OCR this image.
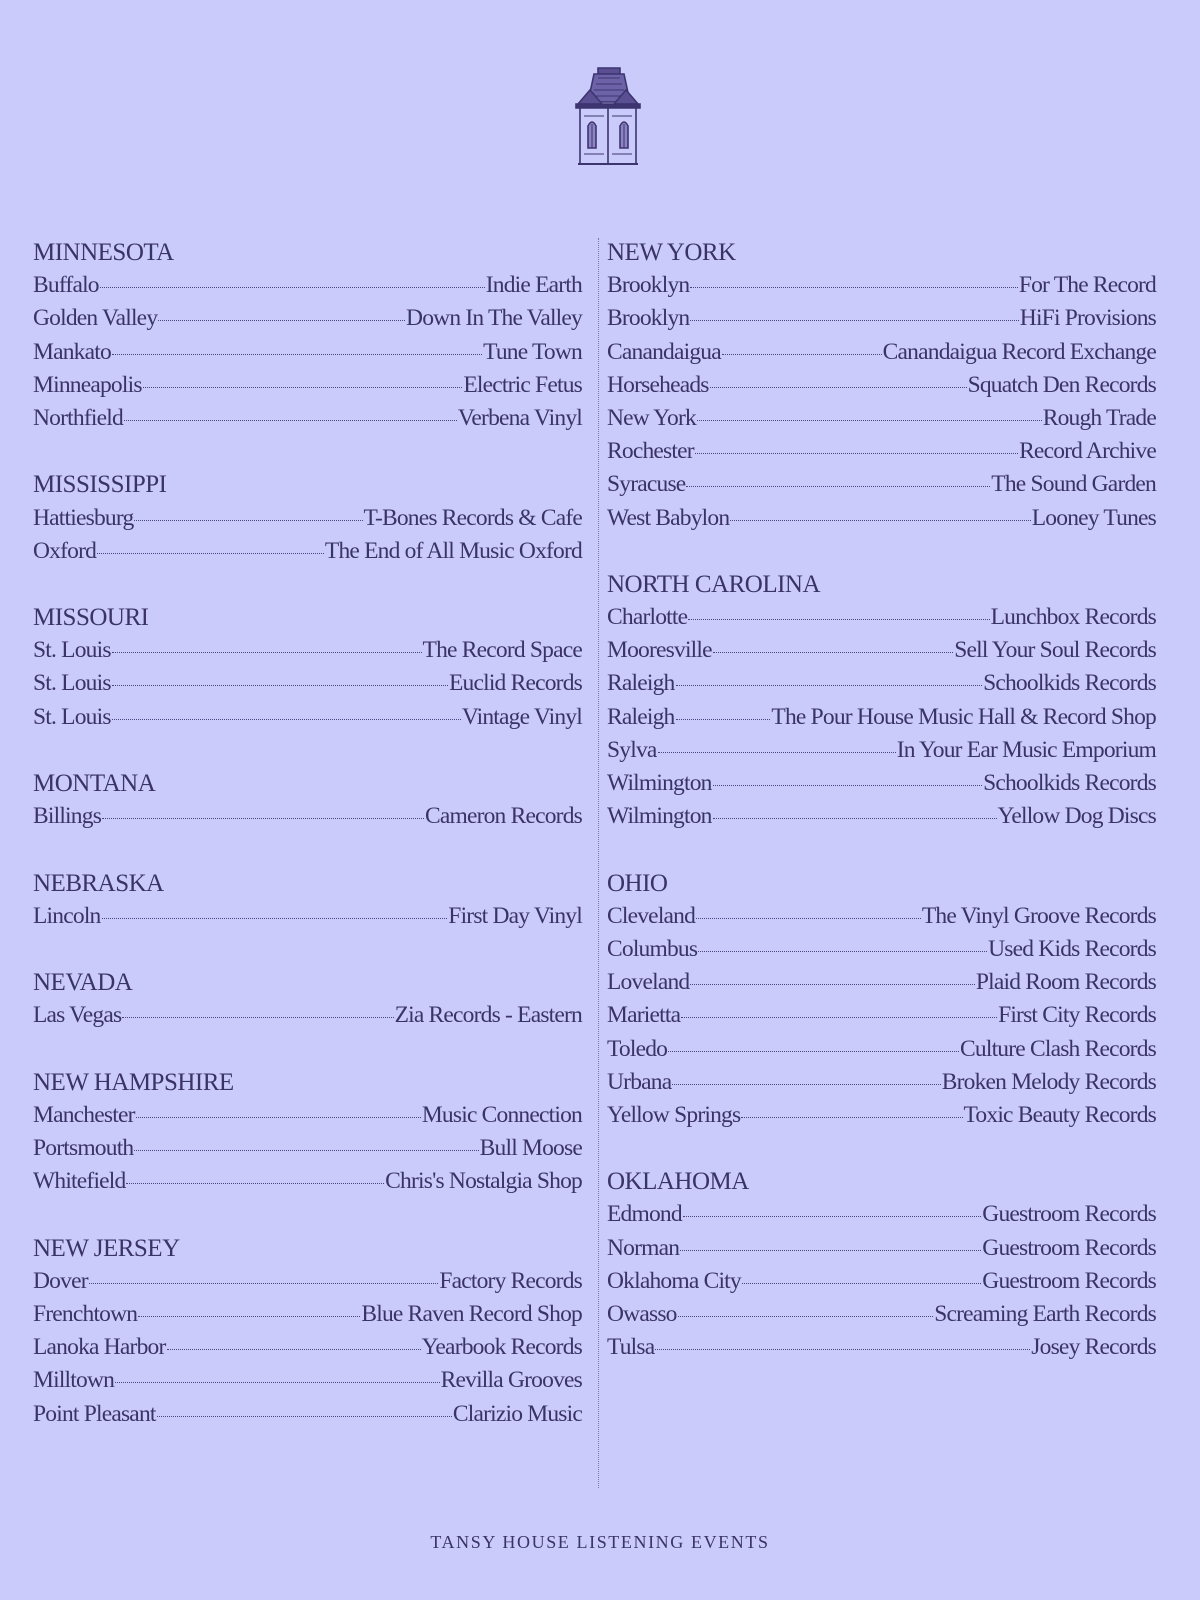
MINNESOTA
Buffalo	Indie Earth
Golden Valley	Down In The Valley
Mankato	Tune Town
Minneapolis	Electric Fetus
Northfield	Verbena Vinyl
MISSISSIPPI
Hattiesburg	T-Bones Records & Cafe
Oxford	The End of All Music Oxford
MISSOURI
St. Louis	The Record Space
St. Louis	Euclid Records
St. Louis	Vintage Vinyl
MONTANA
Billings	Cameron Records
NEBRASKA
Lincoln	First Day Vinyl
NEVADA
Las Vegas	Zia Records - Eastern
NEW HAMPSHIRE
Manchester	Music Connection
Portsmouth	Bull Moose
Whitefield	Chris's Nostalgia Shop
NEW JERSEY
Dover	Factory Records
Frenchtown	Blue Raven Record Shop
Lanoka Harbor	Yearbook Records
Milltown	Revilla Grooves
Point Pleasant	Clarizio Music
NEW YORK
Brooklyn	For The Record
Brooklyn	HiFi Provisions
Canandaigua	Canandaigua Record Exchange
Horseheads	Squatch Den Records
New York	Rough Trade
Rochester	Record Archive
Syracuse	The Sound Garden
West Babylon	Looney Tunes
NORTH CAROLINA
Charlotte	Lunchbox Records
Mooresville	Sell Your Soul Records
Raleigh	Schoolkids Records
Raleigh	The Pour House Music Hall & Record Shop
Sylva	In Your Ear Music Emporium
Wilmington	Schoolkids Records
Wilmington	Yellow Dog Discs
OHIO
Cleveland	The Vinyl Groove Records
Columbus	Used Kids Records
Loveland	Plaid Room Records
Marietta	First City Records
Toledo	Culture Clash Records
Urbana	Broken Melody Records
Yellow Springs	Toxic Beauty Records
OKLAHOMA
Edmond	Guestroom Records
Norman	Guestroom Records
Oklahoma City	Guestroom Records
Owasso	Screaming Earth Records
Tulsa	Josey Records
TANSY HOUSE LISTENING EVENTS
